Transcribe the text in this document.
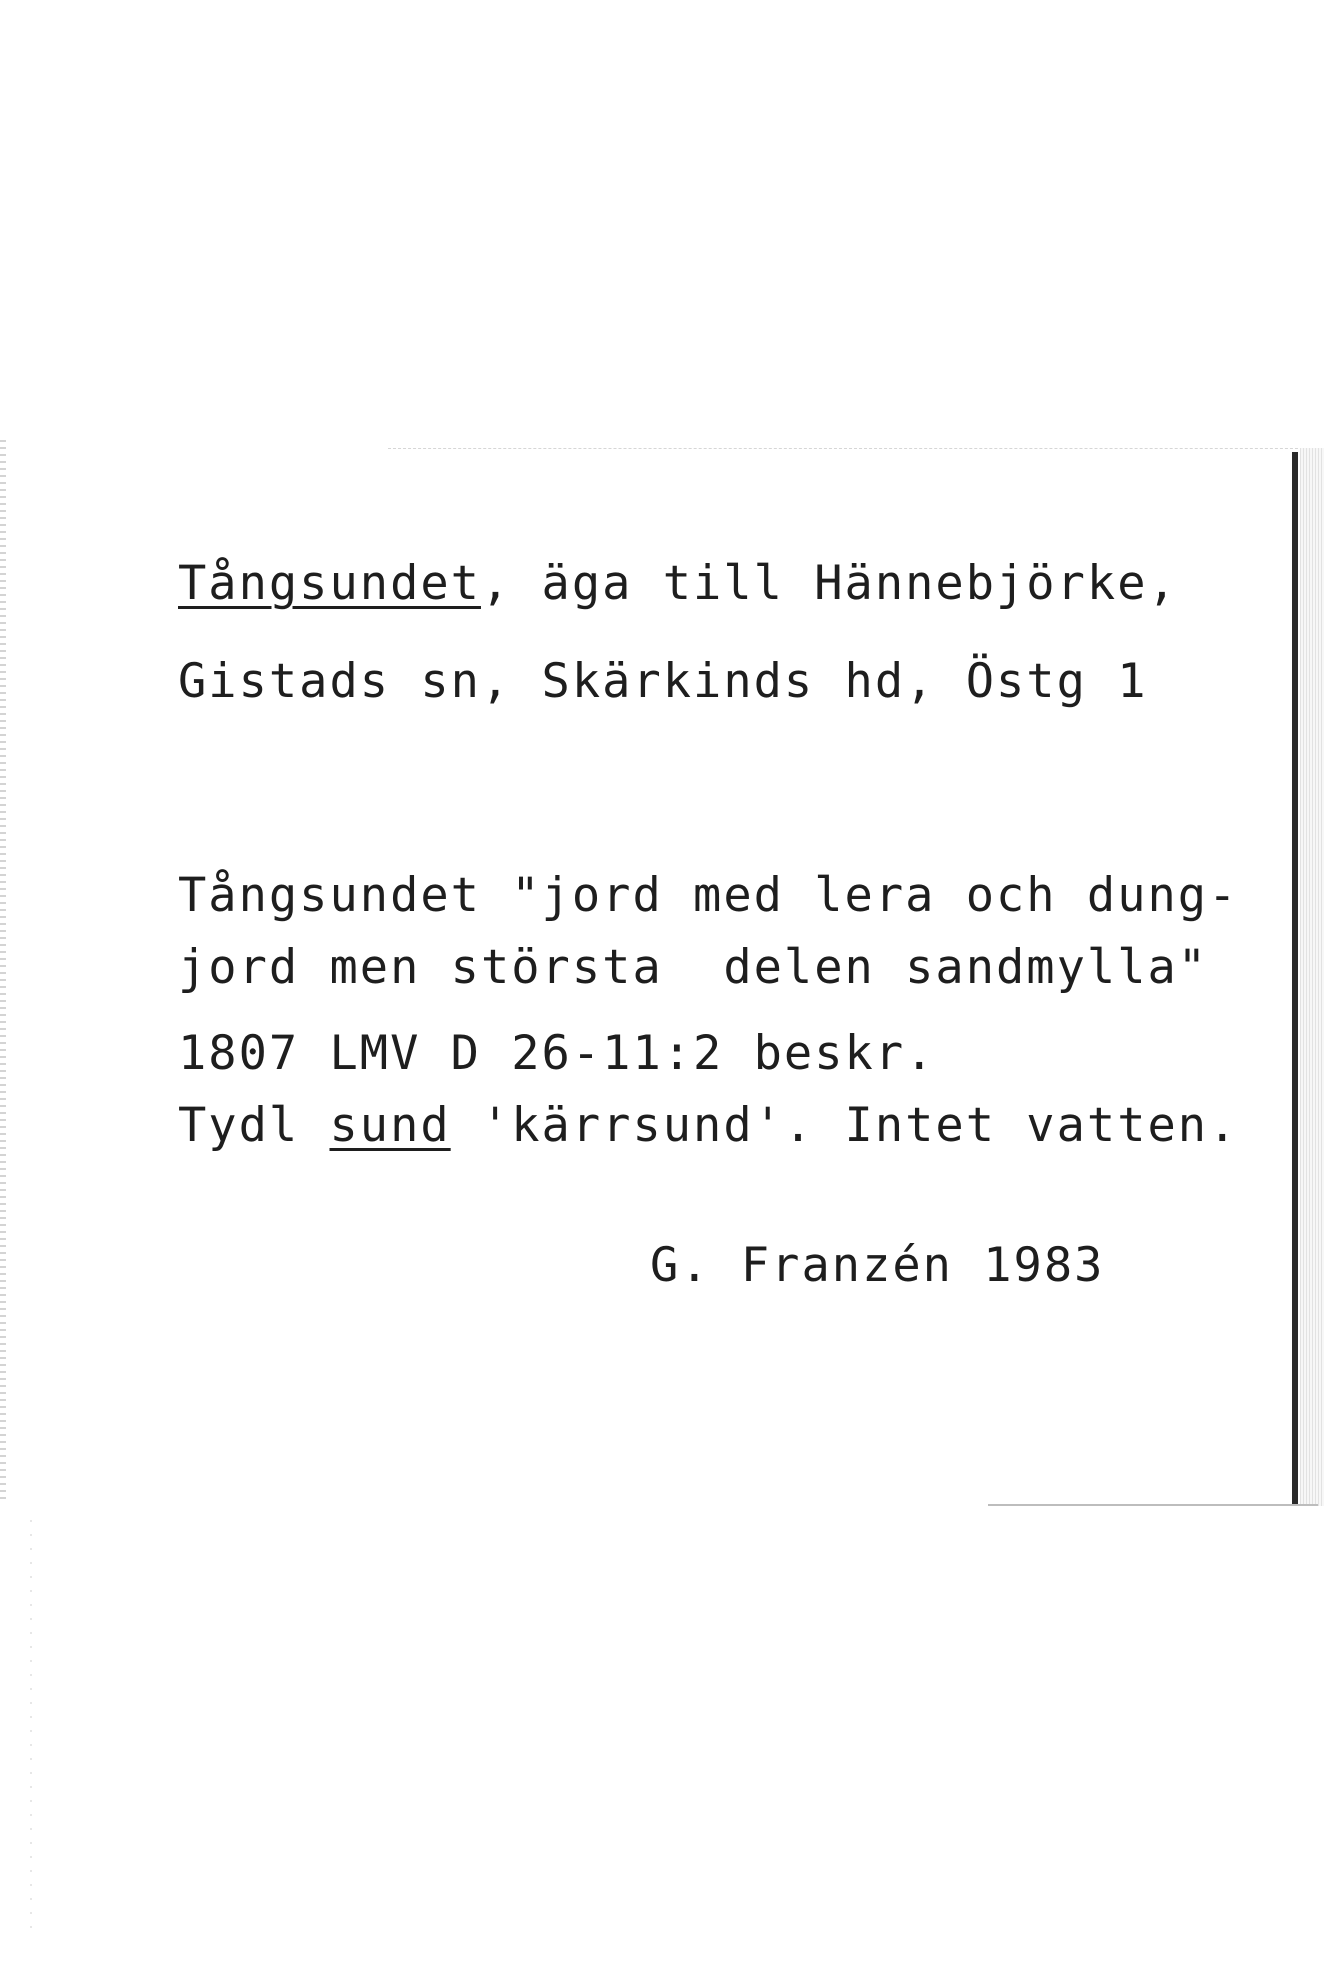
Tångsundet, äga till Hännebjörke,
Gistads sn, Skärkinds hd, Östg 1
Tångsundet "jord med lera och dung-
jord men största  delen sandmylla"
1807 LMV D 26-11:2 beskr.
Tydl sund 'kärrsund'. Intet vatten.
G. Franzén 1983
